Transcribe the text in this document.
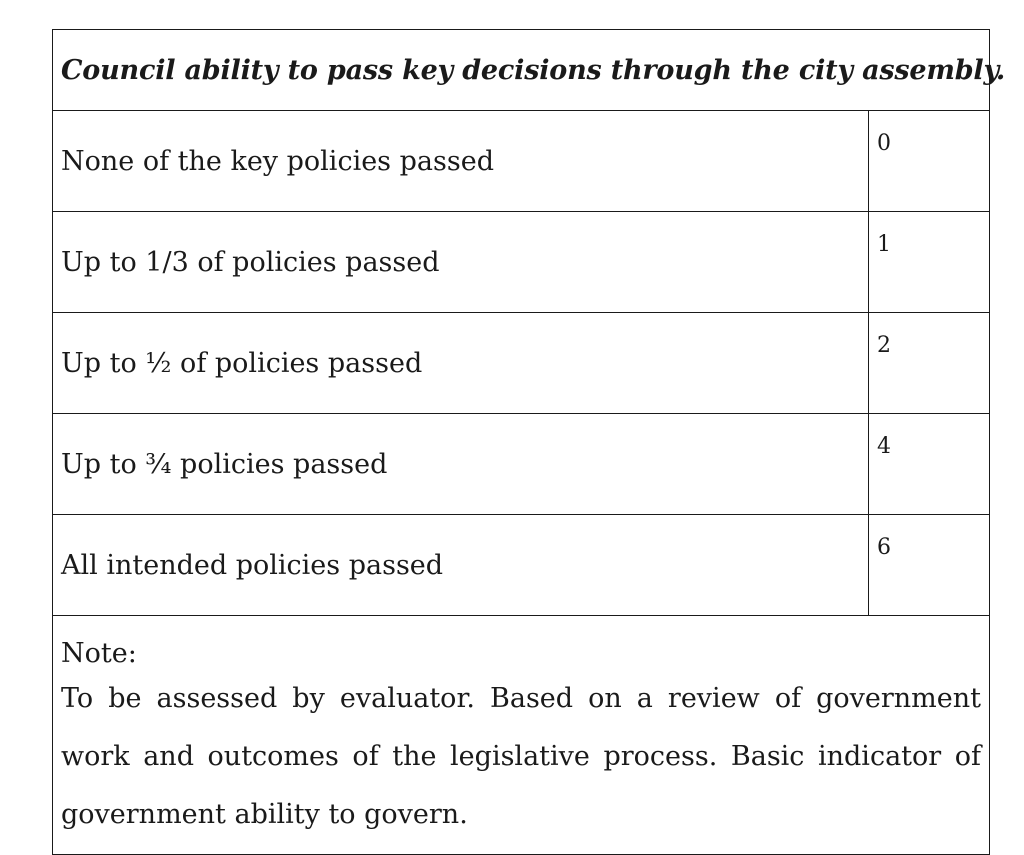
Council ability to pass key decisions through the city assembly.	
None of the key policies passed	0
Up to 1/3 of policies passed	1
Up to ½ of policies passed	2
Up to ¾ policies passed	4
All intended policies passed	6

Note:
To be assessed by evaluator. Based on a review of government work and outcomes of the legislative process. Basic indicator of government ability to govern.	
